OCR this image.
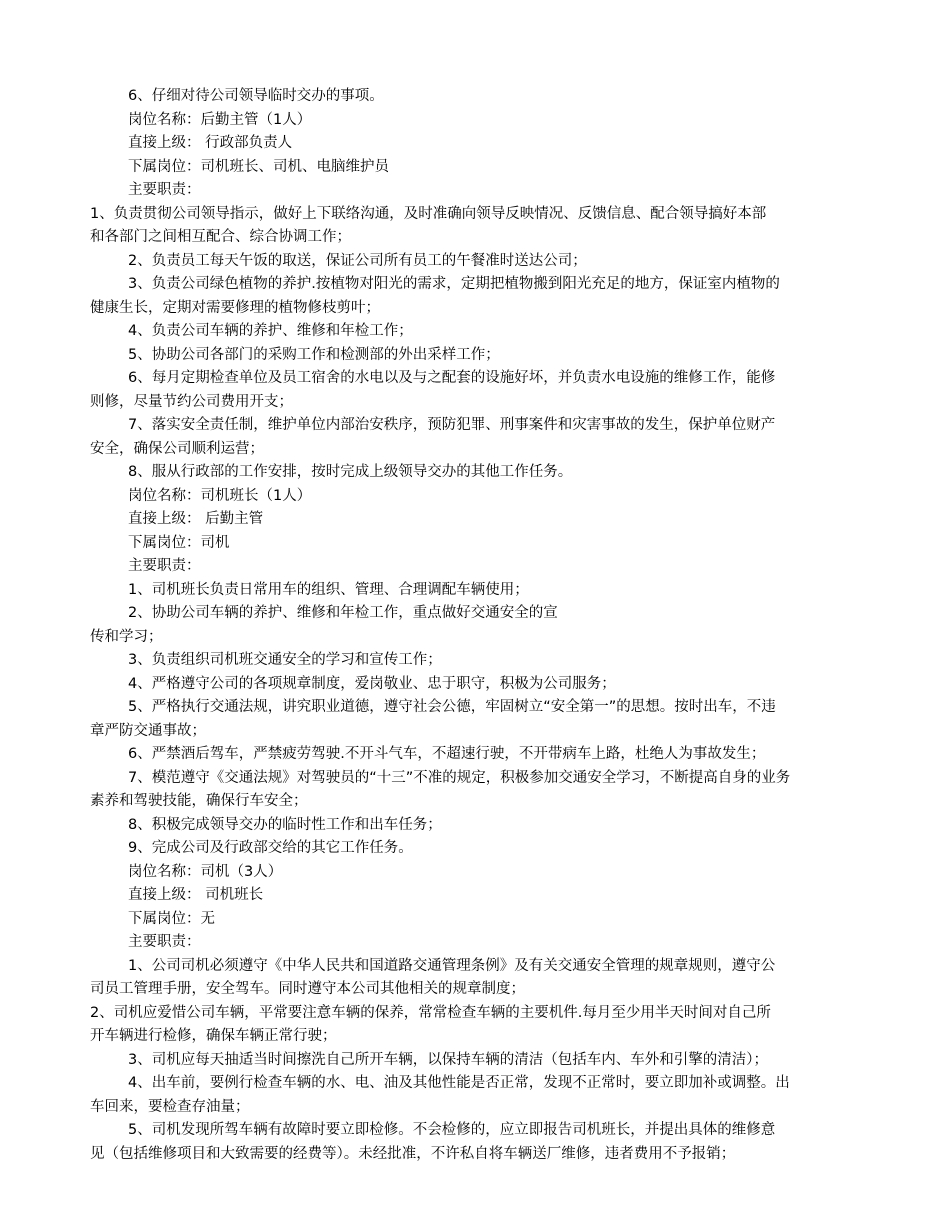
6、仔细对待公司领导临时交办的事项。
岗位名称：后勤主管（1人）
直接上级： 行政部负责人
下属岗位：司机班长、司机、电脑维护员
主要职责：
1、负责贯彻公司领导指示，做好上下联络沟通，及时准确向领导反映情况、反馈信息、配合领导搞好本部
和各部门之间相互配合、综合协调工作；
2、负责员工每天午饭的取送，保证公司所有员工的午餐准时送达公司；
3、负责公司绿色植物的养护.按植物对阳光的需求，定期把植物搬到阳光充足的地方，保证室内植物的
健康生长，定期对需要修理的植物修枝剪叶；
4、负责公司车辆的养护、维修和年检工作；
5、协助公司各部门的采购工作和检测部的外出采样工作；
6、每月定期检查单位及员工宿舍的水电以及与之配套的设施好坏，并负责水电设施的维修工作，能修
则修，尽量节约公司费用开支；
7、落实安全责任制，维护单位内部治安秩序，预防犯罪、刑事案件和灾害事故的发生，保护单位财产
安全，确保公司顺利运营；
8、服从行政部的工作安排，按时完成上级领导交办的其他工作任务。
岗位名称：司机班长（1人）
直接上级： 后勤主管
下属岗位：司机
主要职责：
1、司机班长负责日常用车的组织、管理、合理调配车辆使用；
2、协助公司车辆的养护、维修和年检工作，重点做好交通安全的宣
传和学习；
3、负责组织司机班交通安全的学习和宣传工作；
4、严格遵守公司的各项规章制度，爱岗敬业、忠于职守，积极为公司服务；
5、严格执行交通法规，讲究职业道德，遵守社会公德，牢固树立“安全第一”的思想。按时出车，不违
章严防交通事故；
6、严禁酒后驾车，严禁疲劳驾驶.不开斗气车，不超速行驶，不开带病车上路，杜绝人为事故发生；
7、模范遵守《交通法规》对驾驶员的“十三”不准的规定，积极参加交通安全学习，不断提高自身的业务
素养和驾驶技能，确保行车安全；
8、积极完成领导交办的临时性工作和出车任务；
9、完成公司及行政部交给的其它工作任务。
岗位名称：司机（3人）
直接上级： 司机班长
下属岗位：无
主要职责：
1、公司司机必须遵守《中华人民共和国道路交通管理条例》及有关交通安全管理的规章规则，遵守公
司员工管理手册，安全驾车。同时遵守本公司其他相关的规章制度；
2、司机应爱惜公司车辆，平常要注意车辆的保养，常常检查车辆的主要机件.每月至少用半天时间对自己所
开车辆进行检修，确保车辆正常行驶；
3、司机应每天抽适当时间擦洗自己所开车辆，以保持车辆的清洁（包括车内、车外和引擎的清洁）；
4、出车前，要例行检查车辆的水、电、油及其他性能是否正常，发现不正常时，要立即加补或调整。出
车回来，要检查存油量；
5、司机发现所驾车辆有故障时要立即检修。不会检修的，应立即报告司机班长，并提出具体的维修意
见（包括维修项目和大致需要的经费等）。未经批准，不许私自将车辆送厂维修，违者费用不予报销；
